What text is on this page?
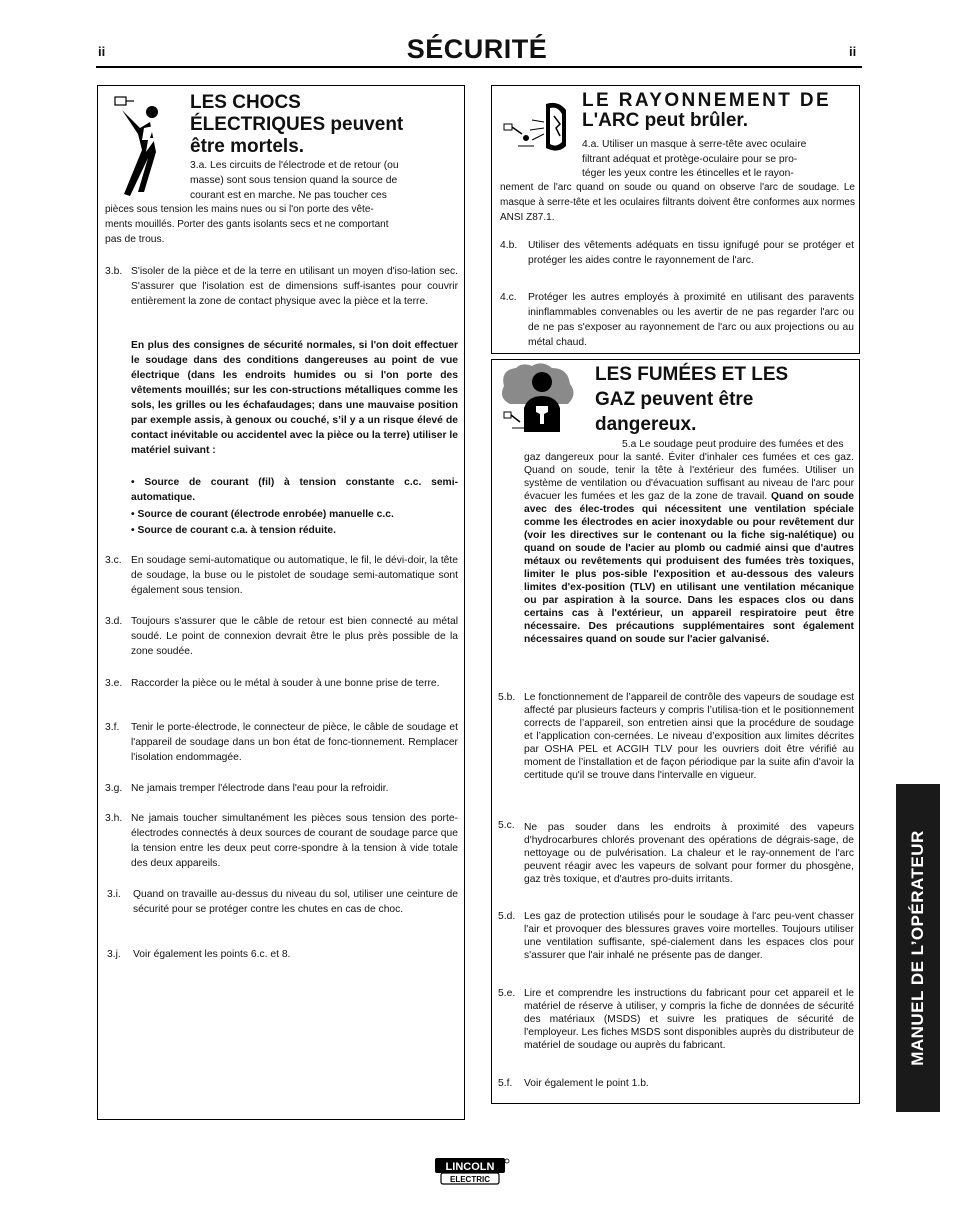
ii	ii
SÉCURITÉ
LES CHOCS
ÉLECTRIQUES peuvent
être mortels.
3.a. Les circuits de l'électrode et de retour (ou
masse) sont sous tension quand la source de
courant est en marche. Ne pas toucher ces
pièces sous tension les mains nues ou si l'on porte des vête-
ments mouillés. Porter des gants isolants secs et ne comportant
pas de trous.
3.b. S'isoler de la pièce et de la terre en utilisant un moyen d'iso-lation sec. S'assurer que l'isolation est de dimensions suff-isantes pour couvrir entièrement la zone de contact physique avec la pièce et la terre.
En plus des consignes de sécurité normales, si l'on doit effectuer le soudage dans des conditions dangereuses au point de vue électrique (dans les endroits humides ou si l'on porte des vêtements mouillés; sur les con-structions métalliques comme les sols, les grilles ou les échafaudages; dans une mauvaise position par exemple assis, à genoux ou couché, s’il y a un risque élevé de contact inévitable ou accidentel avec la pièce ou la terre) utiliser le matériel suivant :
• Source de courant (fil) à tension constante c.c. semi-automatique.
• Source de courant (électrode enrobée) manuelle c.c.
• Source de courant c.a. à tension réduite.
3.c. En soudage semi-automatique ou automatique, le fil, le dévi-doir, la tête de soudage, la buse ou le pistolet de soudage semi-automatique sont également sous tension.
3.d. Toujours s'assurer que le câble de retour est bien connecté au métal soudé. Le point de connexion devrait être le plus près possible de la zone soudée.
3.e. Raccorder la pièce ou le métal à souder à une bonne prise de terre.
3.f. Tenir le porte-électrode, le connecteur de pièce, le câble de soudage et l'appareil de soudage dans un bon état de fonc-tionnement. Remplacer l'isolation endommagée.
3.g. Ne jamais tremper l'électrode dans l'eau pour la refroidir.
3.h. Ne jamais toucher simultanément les pièces sous tension des porte-électrodes connectés à deux sources de courant de soudage parce que la tension entre les deux peut corre-spondre à la tension à vide totale des deux appareils.
3.i. Quand on travaille au-dessus du niveau du sol, utiliser une ceinture de sécurité pour se protéger contre les chutes en cas de choc.
3.j. Voir également les points 6.c. et 8.
LE RAYONNEMENT DE
L'ARC peut brûler.
4.a. Utiliser un masque à serre-tête avec oculaire
filtrant adéquat et protège-oculaire pour se pro-
téger les yeux contre les étincelles et le rayon-
nement de l'arc quand on soude ou quand on observe l'arc de soudage. Le masque à serre-tête et les oculaires filtrants doivent être conformes aux normes ANSI Z87.1.
4.b. Utiliser des vêtements adéquats en tissu ignifugé pour se protéger et protéger les aides contre le rayonnement de l'arc.
4.c. Protéger les autres employés à proximité en utilisant des paravents ininflammables convenables ou les avertir de ne pas regarder l'arc ou de ne pas s'exposer au rayonnement de l'arc ou aux projections ou au métal chaud.
LES FUMÉES ET LES
GAZ peuvent être
dangereux.
5.a Le soudage peut produire des fumées et des
gaz dangereux pour la santé. Éviter d'inhaler ces fumées et ces gaz. Quand on soude, tenir la tête à l'extérieur des fumées. Utiliser un système de ventilation ou d'évacuation suffisant au niveau de l'arc pour évacuer les fumées et les gaz de la zone de travail. Quand on soude avec des élec-trodes qui nécessitent une ventilation spéciale comme les électrodes en acier inoxydable ou pour revêtement dur (voir les directives sur le contenant ou la fiche sig-nalétique) ou quand on soude de l'acier au plomb ou cadmié ainsi que d'autres métaux ou revêtements qui produisent des fumées très toxiques, limiter le plus pos-sible l'exposition et au-dessous des valeurs limites d'ex-position (TLV) en utilisant une ventilation mécanique ou par aspiration à la source. Dans les espaces clos ou dans certains cas à l'extérieur, un appareil respiratoire peut être nécessaire. Des précautions supplémentaires sont également nécessaires quand on soude sur l'acier galvanisé.
5.b. Le fonctionnement de l’appareil de contrôle des vapeurs de soudage est affecté par plusieurs facteurs y compris l’utilisa-tion et le positionnement corrects de l’appareil, son entretien ainsi que la procédure de soudage et l’application con-cernées. Le niveau d’exposition aux limites décrites par OSHA PEL et ACGIH TLV pour les ouvriers doit être vérifié au moment de l’installation et de façon périodique par la suite afin d'avoir la certitude qu'il se trouve dans l'intervalle en vigueur.
5.c. Ne pas souder dans les endroits à proximité des vapeurs d'hydrocarbures chlorés provenant des opérations de dégrais-sage, de nettoyage ou de pulvérisation. La chaleur et le ray-onnement de l'arc peuvent réagir avec les vapeurs de solvant pour former du phosgène, gaz très toxique, et d'autres pro-duits irritants.
5.d. Les gaz de protection utilisés pour le soudage à l'arc peu-vent chasser l'air et provoquer des blessures graves voire mortelles. Toujours utiliser une ventilation suffisante, spé-cialement dans les espaces clos pour s'assurer que l'air inhalé ne présente pas de danger.
5.e. Lire et comprendre les instructions du fabricant pour cet appareil et le matériel de réserve à utiliser, y compris la fiche de données de sécurité des matériaux (MSDS) et suivre les pratiques de sécurité de l'employeur. Les fiches MSDS sont disponibles auprès du distributeur de matériel de soudage ou auprès du fabricant.
5.f. Voir également le point 1.b.
MANUEL DE L’OPÉRATEUR
LINCOLN
ELECTRIC
